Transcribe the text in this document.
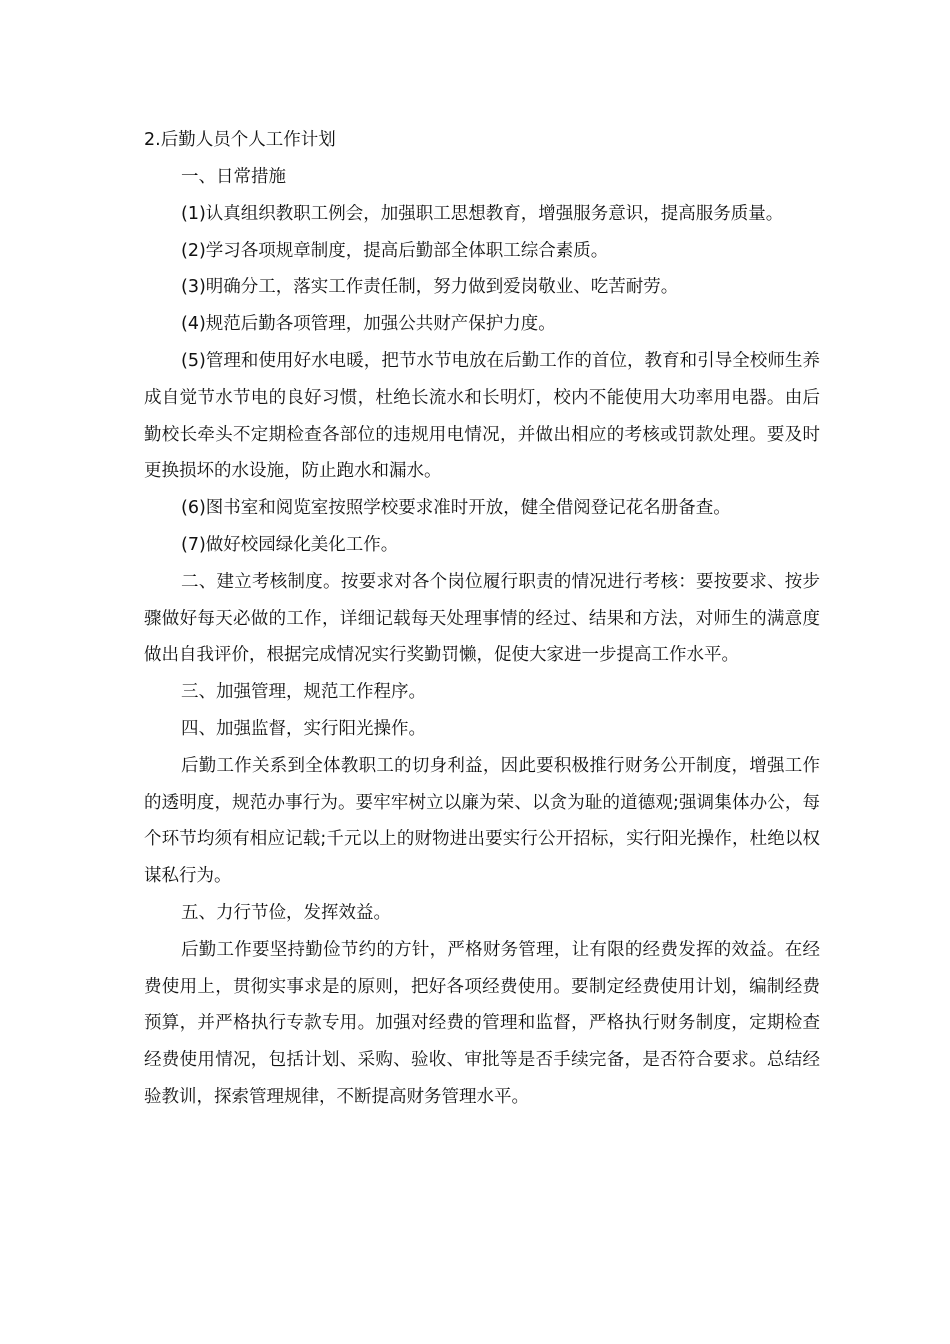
2.后勤人员个人工作计划

一、日常措施

(1)认真组织教职工例会，加强职工思想教育，增强服务意识，提高服务质量。

(2)学习各项规章制度，提高后勤部全体职工综合素质。

(3)明确分工，落实工作责任制，努力做到爱岗敬业、吃苦耐劳。

(4)规范后勤各项管理，加强公共财产保护力度。

(5)管理和使用好水电暖，把节水节电放在后勤工作的首位，教育和引导全校师生养成自觉节水节电的良好习惯，杜绝长流水和长明灯，校内不能使用大功率用电器。由后勤校长牵头不定期检查各部位的违规用电情况，并做出相应的考核或罚款处理。要及时更换损坏的水设施，防止跑水和漏水。

(6)图书室和阅览室按照学校要求准时开放，健全借阅登记花名册备查。

(7)做好校园绿化美化工作。

二、建立考核制度。按要求对各个岗位履行职责的情况进行考核：要按要求、按步骤做好每天必做的工作，详细记载每天处理事情的经过、结果和方法，对师生的满意度做出自我评价，根据完成情况实行奖勤罚懒，促使大家进一步提高工作水平。

三、加强管理，规范工作程序。

四、加强监督，实行阳光操作。

后勤工作关系到全体教职工的切身利益，因此要积极推行财务公开制度，增强工作的透明度，规范办事行为。要牢牢树立以廉为荣、以贪为耻的道德观;强调集体办公，每个环节均须有相应记载;千元以上的财物进出要实行公开招标，实行阳光操作，杜绝以权谋私行为。

五、力行节俭，发挥效益。

后勤工作要坚持勤俭节约的方针，严格财务管理，让有限的经费发挥的效益。在经费使用上，贯彻实事求是的原则，把好各项经费使用。要制定经费使用计划，编制经费预算，并严格执行专款专用。加强对经费的管理和监督，严格执行财务制度，定期检查经费使用情况，包括计划、采购、验收、审批等是否手续完备，是否符合要求。总结经验教训，探索管理规律，不断提高财务管理水平。
